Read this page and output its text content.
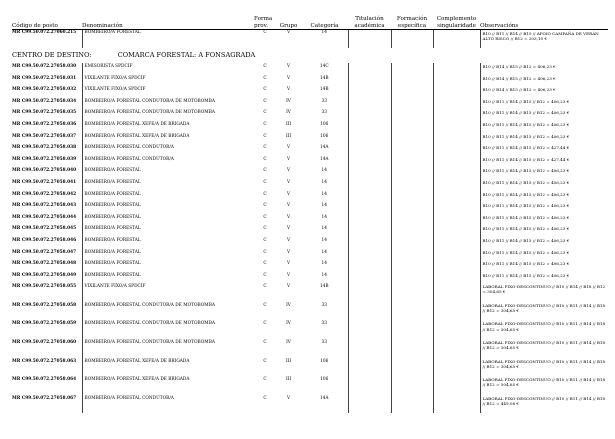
Código de posto	Denominación	Forma prov.	Grupo	Categoría	Titulación académica	Formación específica	Complemento singularidade	Observacións
MR C99.50.072.27060.215	BOMBEIRO/A FORESTAL	C	V	14				B10 // B11 // B14 // B15 // APOIO CAMPAÑA DE VERÁN ALTO RISCO // B12 = 203,10 €
CENTRO DE DESTINO: COMARCA FORESTAL: A FONSAGRADA								
MR C99.50.072.27058.030	EMISORISTA SPDCIF	C	V	14C				B10 // B14 // B15 // B12 = 406,23 €
MR C99.50.072.27058.031	VIXILANTE FIXO/A SPDCIF	C	V	14B				B10 // B14 // B15 // B12 = 406,23 €
MR C99.50.072.27058.032	VIXILANTE FIXO/A SPDCIF	C	V	14B				B10 // B14 // B15 // B12 = 406,23 €
MR C99.50.072.27058.034	BOMBEIRO/A FORESTAL CONDUTOR/A DE MOTOBOMBA	C	IV	33				B10 // B11 // B14 // B15 // B12 = 406,23 €
MR C99.50.072.27058.035	BOMBEIRO/A FORESTAL CONDUTOR/A DE MOTOBOMBA	C	IV	33				B10 // B11 // B14 // B15 // B12 = 406,23 €
MR C99.50.072.27058.036	BOMBEIRO/A FORESTAL XEFE/A DE BRIGADA	C	III	106				B10 // B11 // B14 // B15 // B12 = 406,23 €
MR C99.50.072.27058.037	BOMBEIRO/A FORESTAL XEFE/A DE BRIGADA	C	III	106				B10 // B11 // B14 // B15 // B12 = 406,23 €
MR C99.50.072.27058.038	BOMBEIRO/A FORESTAL CONDUTOR/A	C	V	14A				B10 // B11 // B14 // B15 // B12 = 427,44 €
MR C99.50.072.27058.039	BOMBEIRO/A FORESTAL CONDUTOR/A	C	V	14A				B10 // B11 // B14 // B15 // B12 = 427,44 €
MR C99.50.072.27058.040	BOMBEIRO/A FORESTAL	C	V	14				B10 // B11 // B14 // B15 // B12 = 406,23 €
MR C99.50.072.27058.041	BOMBEIRO/A FORESTAL	C	V	14				B10 // B11 // B14 // B15 // B12 = 406,23 €
MR C99.50.072.27058.042	BOMBEIRO/A FORESTAL	C	V	14				B10 // B11 // B14 // B15 // B12 = 406,23 €
MR C99.50.072.27058.043	BOMBEIRO/A FORESTAL	C	V	14				B10 // B11 // B14 // B15 // B12 = 406,23 €
MR C99.50.072.27058.044	BOMBEIRO/A FORESTAL	C	V	14				B10 // B11 // B14 // B15 // B12 = 406,23 €
MR C99.50.072.27058.045	BOMBEIRO/A FORESTAL	C	V	14				B10 // B11 // B14 // B15 // B12 = 406,23 €
MR C99.50.072.27058.046	BOMBEIRO/A FORESTAL	C	V	14				B10 // B11 // B14 // B15 // B12 = 406,23 €
MR C99.50.072.27058.047	BOMBEIRO/A FORESTAL	C	V	14				B10 // B11 // B14 // B15 // B12 = 406,23 €
MR C99.50.072.27058.048	BOMBEIRO/A FORESTAL	C	V	14				B10 // B11 // B14 // B15 // B12 = 406,23 €
MR C99.50.072.27058.049	BOMBEIRO/A FORESTAL	C	V	14				B10 // B11 // B14 // B15 // B12 = 406,23 €
MR C99.50.072.27058.055	VIXILANTE FIXO/A SPDCIF	C	V	14B				LABORAL FIXO-DESCONTINUO // B10 // B14 // B18 // B12 = 304,65 €
MR C99.50.072.27058.058	BOMBEIRO/A FORESTAL CONDUTOR/A DE MOTOBOMBA	C	IV	33				LABORAL FIXO-DESCONTINUO // B10 // B11 // B14 // B18 // B12 = 304,65 €
MR C99.50.072.27058.059	BOMBEIRO/A FORESTAL CONDUTOR/A DE MOTOBOMBA	C	IV	33				LABORAL FIXO-DESCONTINUO // B10 // B11 // B14 // B18 // B12 = 304,65 €
MR C99.50.072.27058.060	BOMBEIRO/A FORESTAL CONDUTOR/A DE MOTOBOMBA	C	IV	33				LABORAL FIXO-DESCONTINUO // B10 // B11 // B14 // B18 // B12 = 304,65 €
MR C99.50.072.27058.063	BOMBEIRO/A FORESTAL XEFE/A DE BRIGADA	C	III	106				LABORAL FIXO-DESCONTINUO // B10 // B11 // B14 // B18 // B12 = 304,65 €
MR C99.50.072.27058.064	BOMBEIRO/A FORESTAL XEFE/A DE BRIGADA	C	III	106				LABORAL FIXO-DESCONTINUO // B10 // B11 // B14 // B18 // B12 = 304,65 €
MR C99.50.072.27058.067	BOMBEIRO/A FORESTAL CONDUTOR/A	C	V	14A				LABORAL FIXO-DESCONTINUO // B10 // B11 // B14 // B18 // B12 = 449,08 €
